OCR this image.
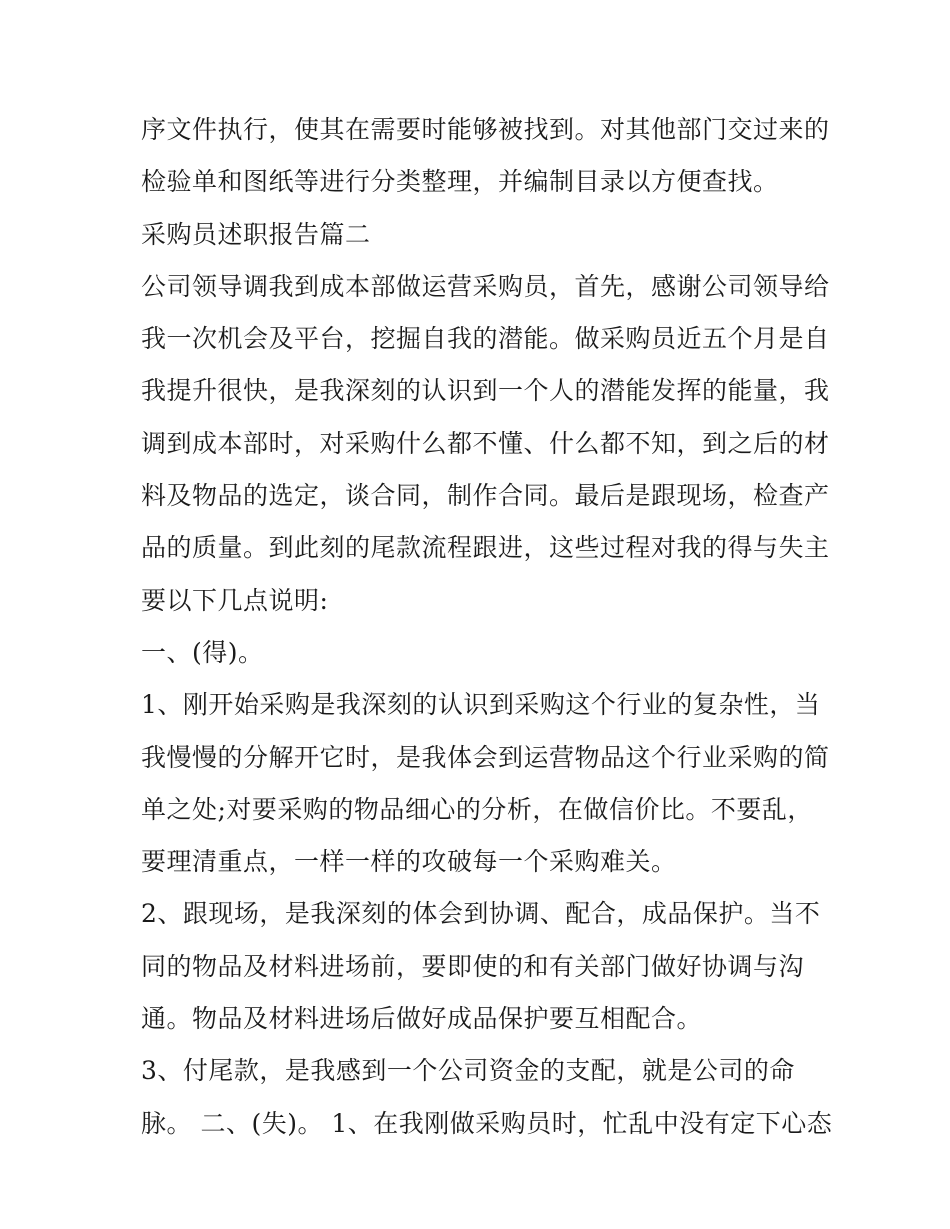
序文件执行，使其在需要时能够被找到。对其他部门交过来的
检验单和图纸等进行分类整理，并编制目录以方便查找。
采购员述职报告篇二
公司领导调我到成本部做运营采购员，首先，感谢公司领导给
我一次机会及平台，挖掘自我的潜能。做采购员近五个月是自
我提升很快，是我深刻的认识到一个人的潜能发挥的能量，我
调到成本部时，对采购什么都不懂、什么都不知，到之后的材
料及物品的选定，谈合同，制作合同。最后是跟现场，检查产
品的质量。到此刻的尾款流程跟进，这些过程对我的得与失主
要以下几点说明:
一、(得)。
1、刚开始采购是我深刻的认识到采购这个行业的复杂性，当
我慢慢的分解开它时，是我体会到运营物品这个行业采购的简
单之处;对要采购的物品细心的分析，在做信价比。不要乱，
要理清重点，一样一样的攻破每一个采购难关。
2、跟现场，是我深刻的体会到协调、配合，成品保护。当不
同的物品及材料进场前，要即使的和有关部门做好协调与沟
通。物品及材料进场后做好成品保护要互相配合。
3、付尾款，是我感到一个公司资金的支配，就是公司的命
脉。 二、(失)。 1、在我刚做采购员时，忙乱中没有定下心态
